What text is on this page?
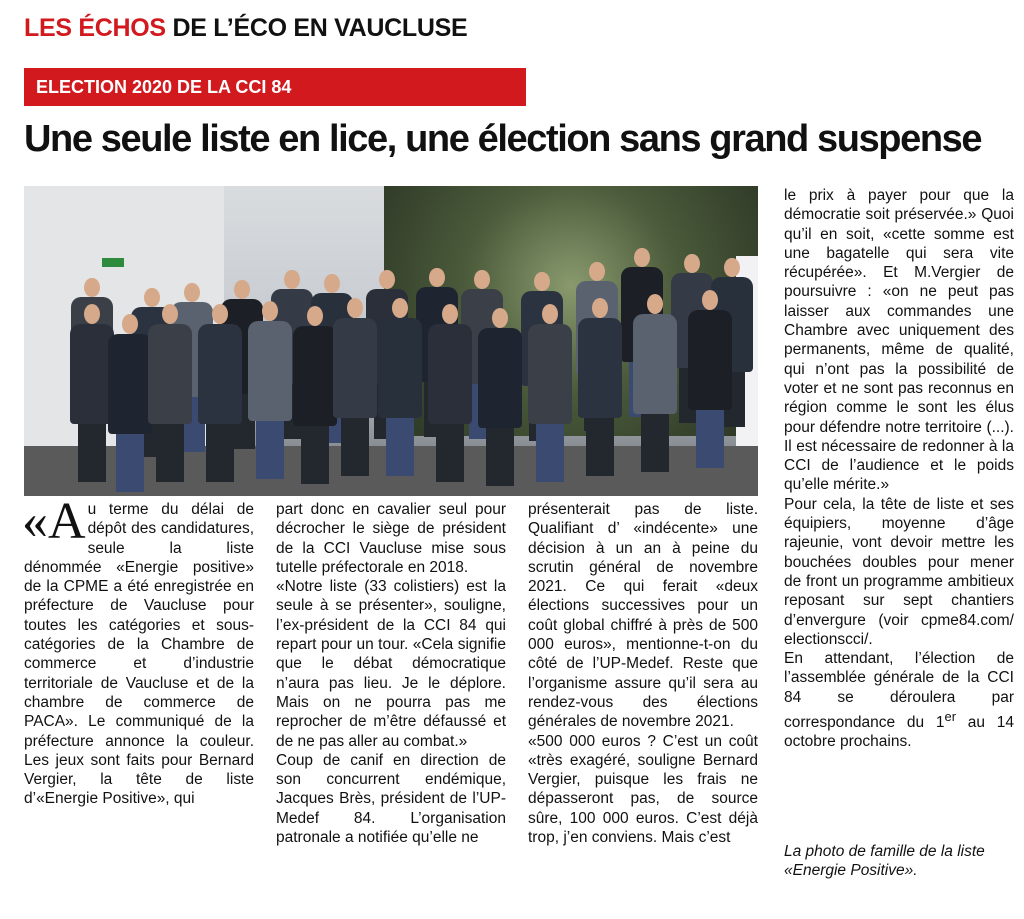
LES ÉCHOS DE L’ÉCO EN VAUCLUSE
ELECTION 2020 DE LA CCI 84
Une seule liste en lice, une élection sans grand suspense

«A u terme du délai de dépôt des candidatures, seule la liste dénommée «Energie positive» de la CPME a été enregistrée en préfecture de Vaucluse pour toutes les catégories et sous-catégories de la Chambre de commerce et d’industrie territoriale de Vaucluse et de la chambre de commerce de PACA». Le communiqué de la préfecture annonce la couleur. Les jeux sont faits pour Bernard Vergier, la tête de liste d’«Energie Positive», qui

part donc en cavalier seul pour décrocher le siège de président de la CCI Vaucluse mise sous tutelle préfectorale en 2018.

«Notre liste (33 colistiers) est la seule à se présenter», souligne, l’ex-président de la CCI 84 qui repart pour un tour. «Cela signifie que le débat démocratique n’aura pas lieu. Je le déplore. Mais on ne pourra pas me reprocher de m’être défaussé et de ne pas aller au combat.»

Coup de canif en direction de son concurrent endémique, Jacques Brès, président de l’UP-Medef 84. L’organisation patronale a notifiée qu’elle ne

présenterait pas de liste. Qualifiant d’ «indécente» une décision à un an à peine du scrutin général de novembre 2021. Ce qui ferait «deux élections successives pour un coût global chiffré à près de 500 000 euros», mentionne-t-on du côté de l’UP-Medef. Reste que l’organisme assure qu’il sera au rendez-vous des élections générales de novembre 2021.

«500 000 euros ? C’est un coût «très exagéré, souligne Bernard Vergier, puisque les frais ne dépasseront pas, de source sûre, 100 000 euros. C’est déjà trop, j’en conviens. Mais c’est

le prix à payer pour que la démocratie soit préservée.» Quoi qu’il en soit, «cette somme est une bagatelle qui sera vite récupérée». Et M.Vergier de poursuivre : «on ne peut pas laisser aux commandes une Chambre avec uniquement des permanents, même de qualité, qui n’ont pas la possibilité de voter et ne sont pas reconnus en région comme le sont les élus pour défendre notre territoire (...). Il est nécessaire de redonner à la CCI de l’audience et le poids qu’elle mérite.»

Pour cela, la tête de liste et ses équipiers, moyenne d’âge rajeunie, vont devoir mettre les bouchées doubles pour mener de front un programme ambitieux reposant sur sept chantiers d’envergure (voir cpme84.com/ electionscci/.

En attendant, l’élection de l’assemblée générale de la CCI 84 se déroulera par correspondance du 1er au 14 octobre prochains.

La photo de famille de la liste «Energie Positive».
